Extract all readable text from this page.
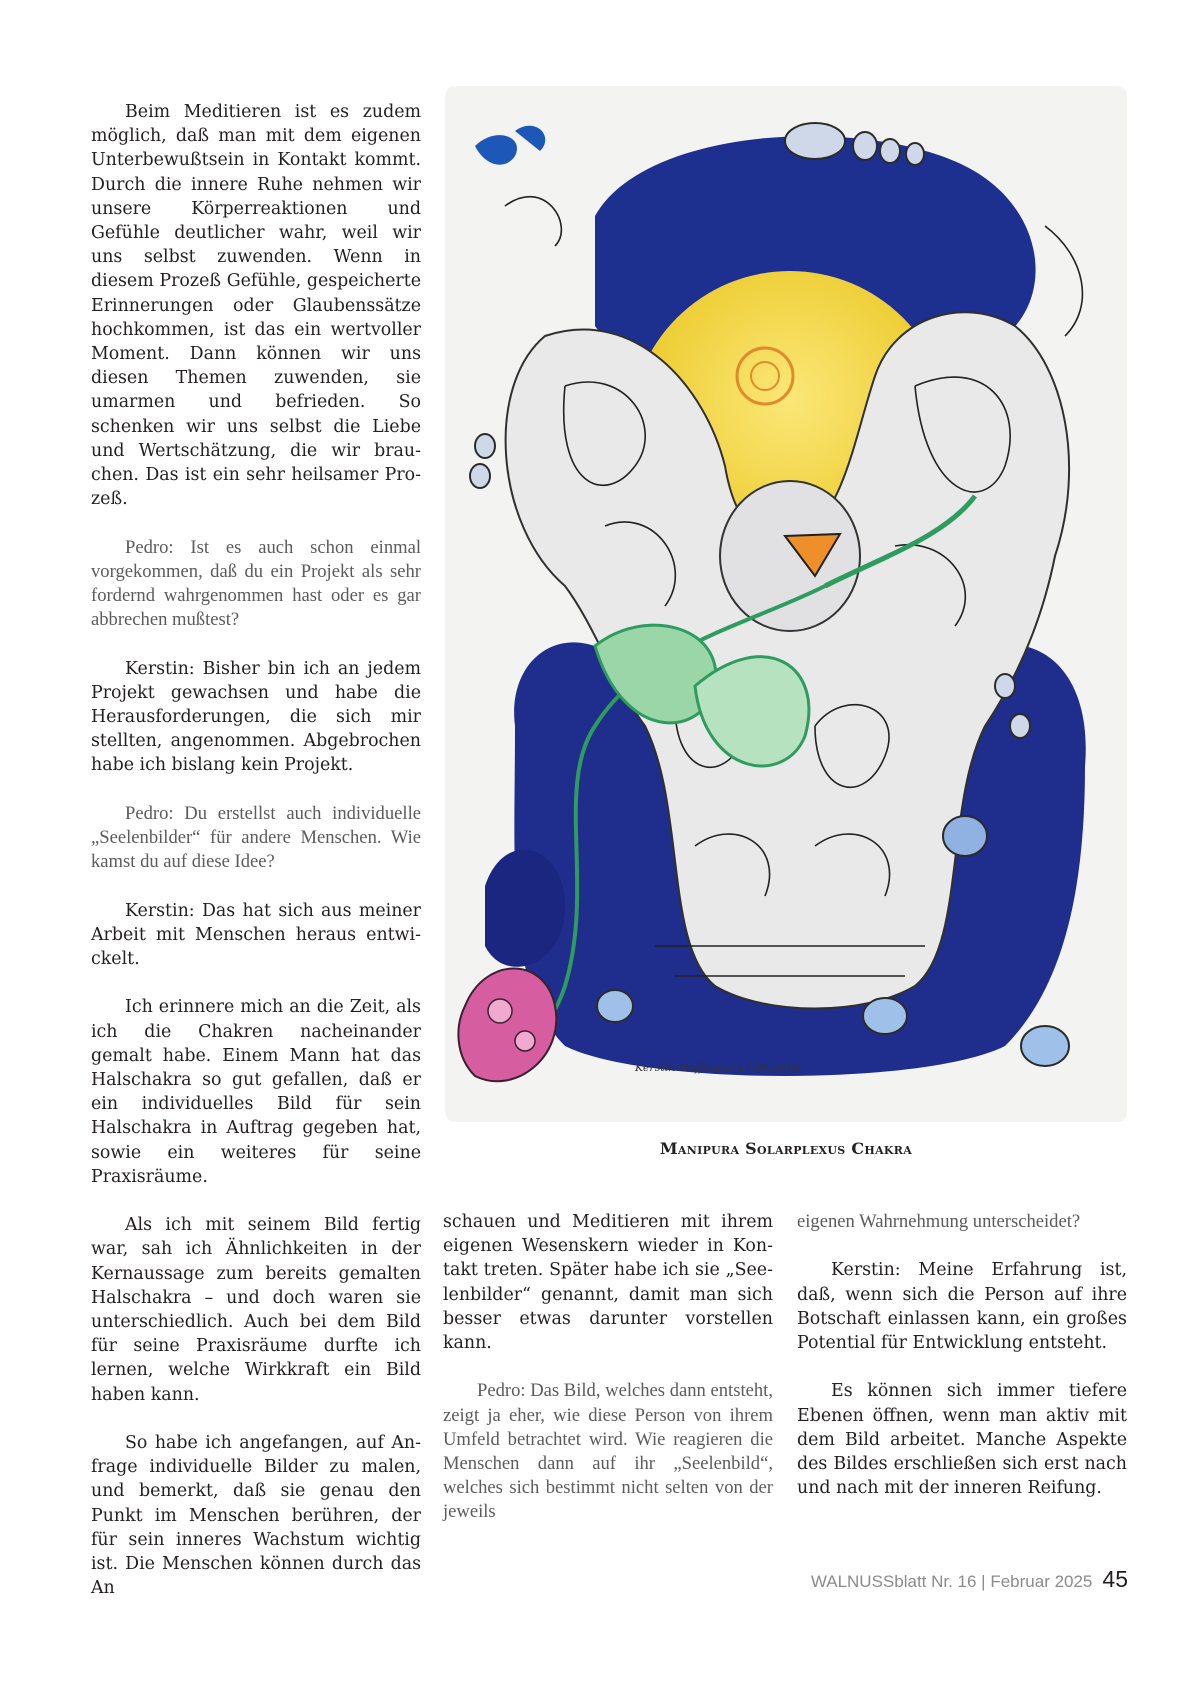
Beim Meditieren ist es zudem möglich, daß man mit dem eigenen Unterbewußtsein in Kontakt kommt. Durch die innere Ruhe nehmen wir unsere Körperreaktionen und Gefühle deutlicher wahr, weil wir uns selbst zuwenden. Wenn in diesem Prozeß Gefühle, gespeicherte Erinnerungen oder Glaubenssätze hochkommen, ist das ein wertvoller Moment. Dann können wir uns diesen Themen zuwenden, sie umarmen und befrieden. So schenken wir uns selbst die Liebe und Wertschätzung, die wir brauchen. Das ist ein sehr heilsamer Prozeß.

Pedro: Ist es auch schon einmal vorgekommen, daß du ein Projekt als sehr fordernd wahrgenommen hast oder es gar abbrechen mußtest?

Kerstin: Bisher bin ich an jedem Projekt gewachsen und habe die Herausforderungen, die sich mir stellten, angenommen. Abgebrochen habe ich bislang kein Projekt.

Pedro: Du erstellst auch individuelle „Seelenbilder“ für andere Menschen. Wie kamst du auf diese Idee?

Kerstin: Das hat sich aus meiner Arbeit mit Menschen heraus entwickelt.

Ich erinnere mich an die Zeit, als ich die Chakren nacheinander gemalt habe. Einem Mann hat das Halschakra so gut gefallen, daß er ein individuelles Bild für sein Halschakra in Auftrag gegeben hat, sowie ein weiteres für seine Praxisräume.

Als ich mit seinem Bild fertig war, sah ich Ähnlichkeiten in der Kernaussage zum bereits gemalten Halschakra – und doch waren sie unterschiedlich. Auch bei dem Bild für seine Praxisräume durfte ich lernen, welche Wirkkraft ein Bild haben kann.

So habe ich angefangen, auf Anfrage individuelle Bilder zu malen, und bemerkt, daß sie genau den Punkt im Menschen berühren, der für sein inneres Wachstum wichtig ist. Die Menschen können durch das An

schauen und Meditieren mit ihrem eigenen Wesenskern wieder in Kontakt treten. Später habe ich sie „Seelenbilder“ genannt, damit man sich besser etwas darunter vorstellen kann.

Pedro: Das Bild, welches dann entsteht, zeigt ja eher, wie diese Person von ihrem Umfeld betrachtet wird. Wie reagieren die Menschen dann auf ihr „Seelenbild“, welches sich bestimmt nicht selten von der jeweils

eigenen Wahrnehmung unterscheidet?

Kerstin: Meine Erfahrung ist, daß, wenn sich die Person auf ihre Botschaft einlassen kann, ein großes Potential für Entwicklung entsteht.

Es können sich immer tiefere Ebenen öffnen, wenn man aktiv mit dem Bild arbeitet. Manche Aspekte des Bildes erschließen sich erst nach und nach mit der inneren Reifung.

Kerstin Hoffmann 17.06.2018
Manipura Solarplexus Chakra
WALNUSSblatt Nr. 16 | Februar 2025 45
